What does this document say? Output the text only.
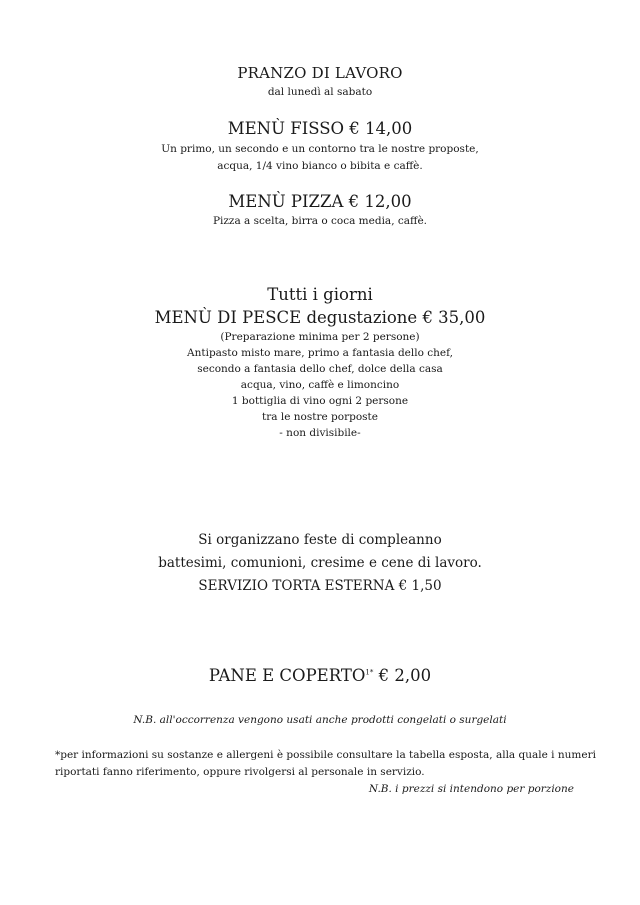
PRANZO DI LAVORO
dal lunedì al sabato
MENÙ FISSO € 14,00
Un primo, un secondo e un contorno tra le nostre proposte,
acqua, 1/4 vino bianco o bibita e caffè.
MENÙ PIZZA € 12,00
Pizza a scelta, birra o coca media, caffè.
Tutti i giorni
MENÙ DI PESCE degustazione € 35,00
(Preparazione minima per 2 persone)
Antipasto misto mare, primo a fantasia dello chef,
secondo a fantasia dello chef, dolce della casa
acqua, vino, caffè e limoncino
1 bottiglia di vino ogni 2 persone
tra le nostre porposte
- non divisibile-
Si organizzano feste di compleanno
battesimi, comunioni, cresime e cene di lavoro.
SERVIZIO TORTA ESTERNA € 1,50
PANE E $COPERTO^{1*}$ € 2,00
N.B. all'occorrenza vengono usati anche prodotti congelati o surgelati
*per informazioni su sostanze e allergeni è possibile consultare la tabella esposta, alla quale i numeri
riportati fanno riferimento, oppure rivolgersi al personale in servizio.
N.B. i prezzi si intendono per porzione
